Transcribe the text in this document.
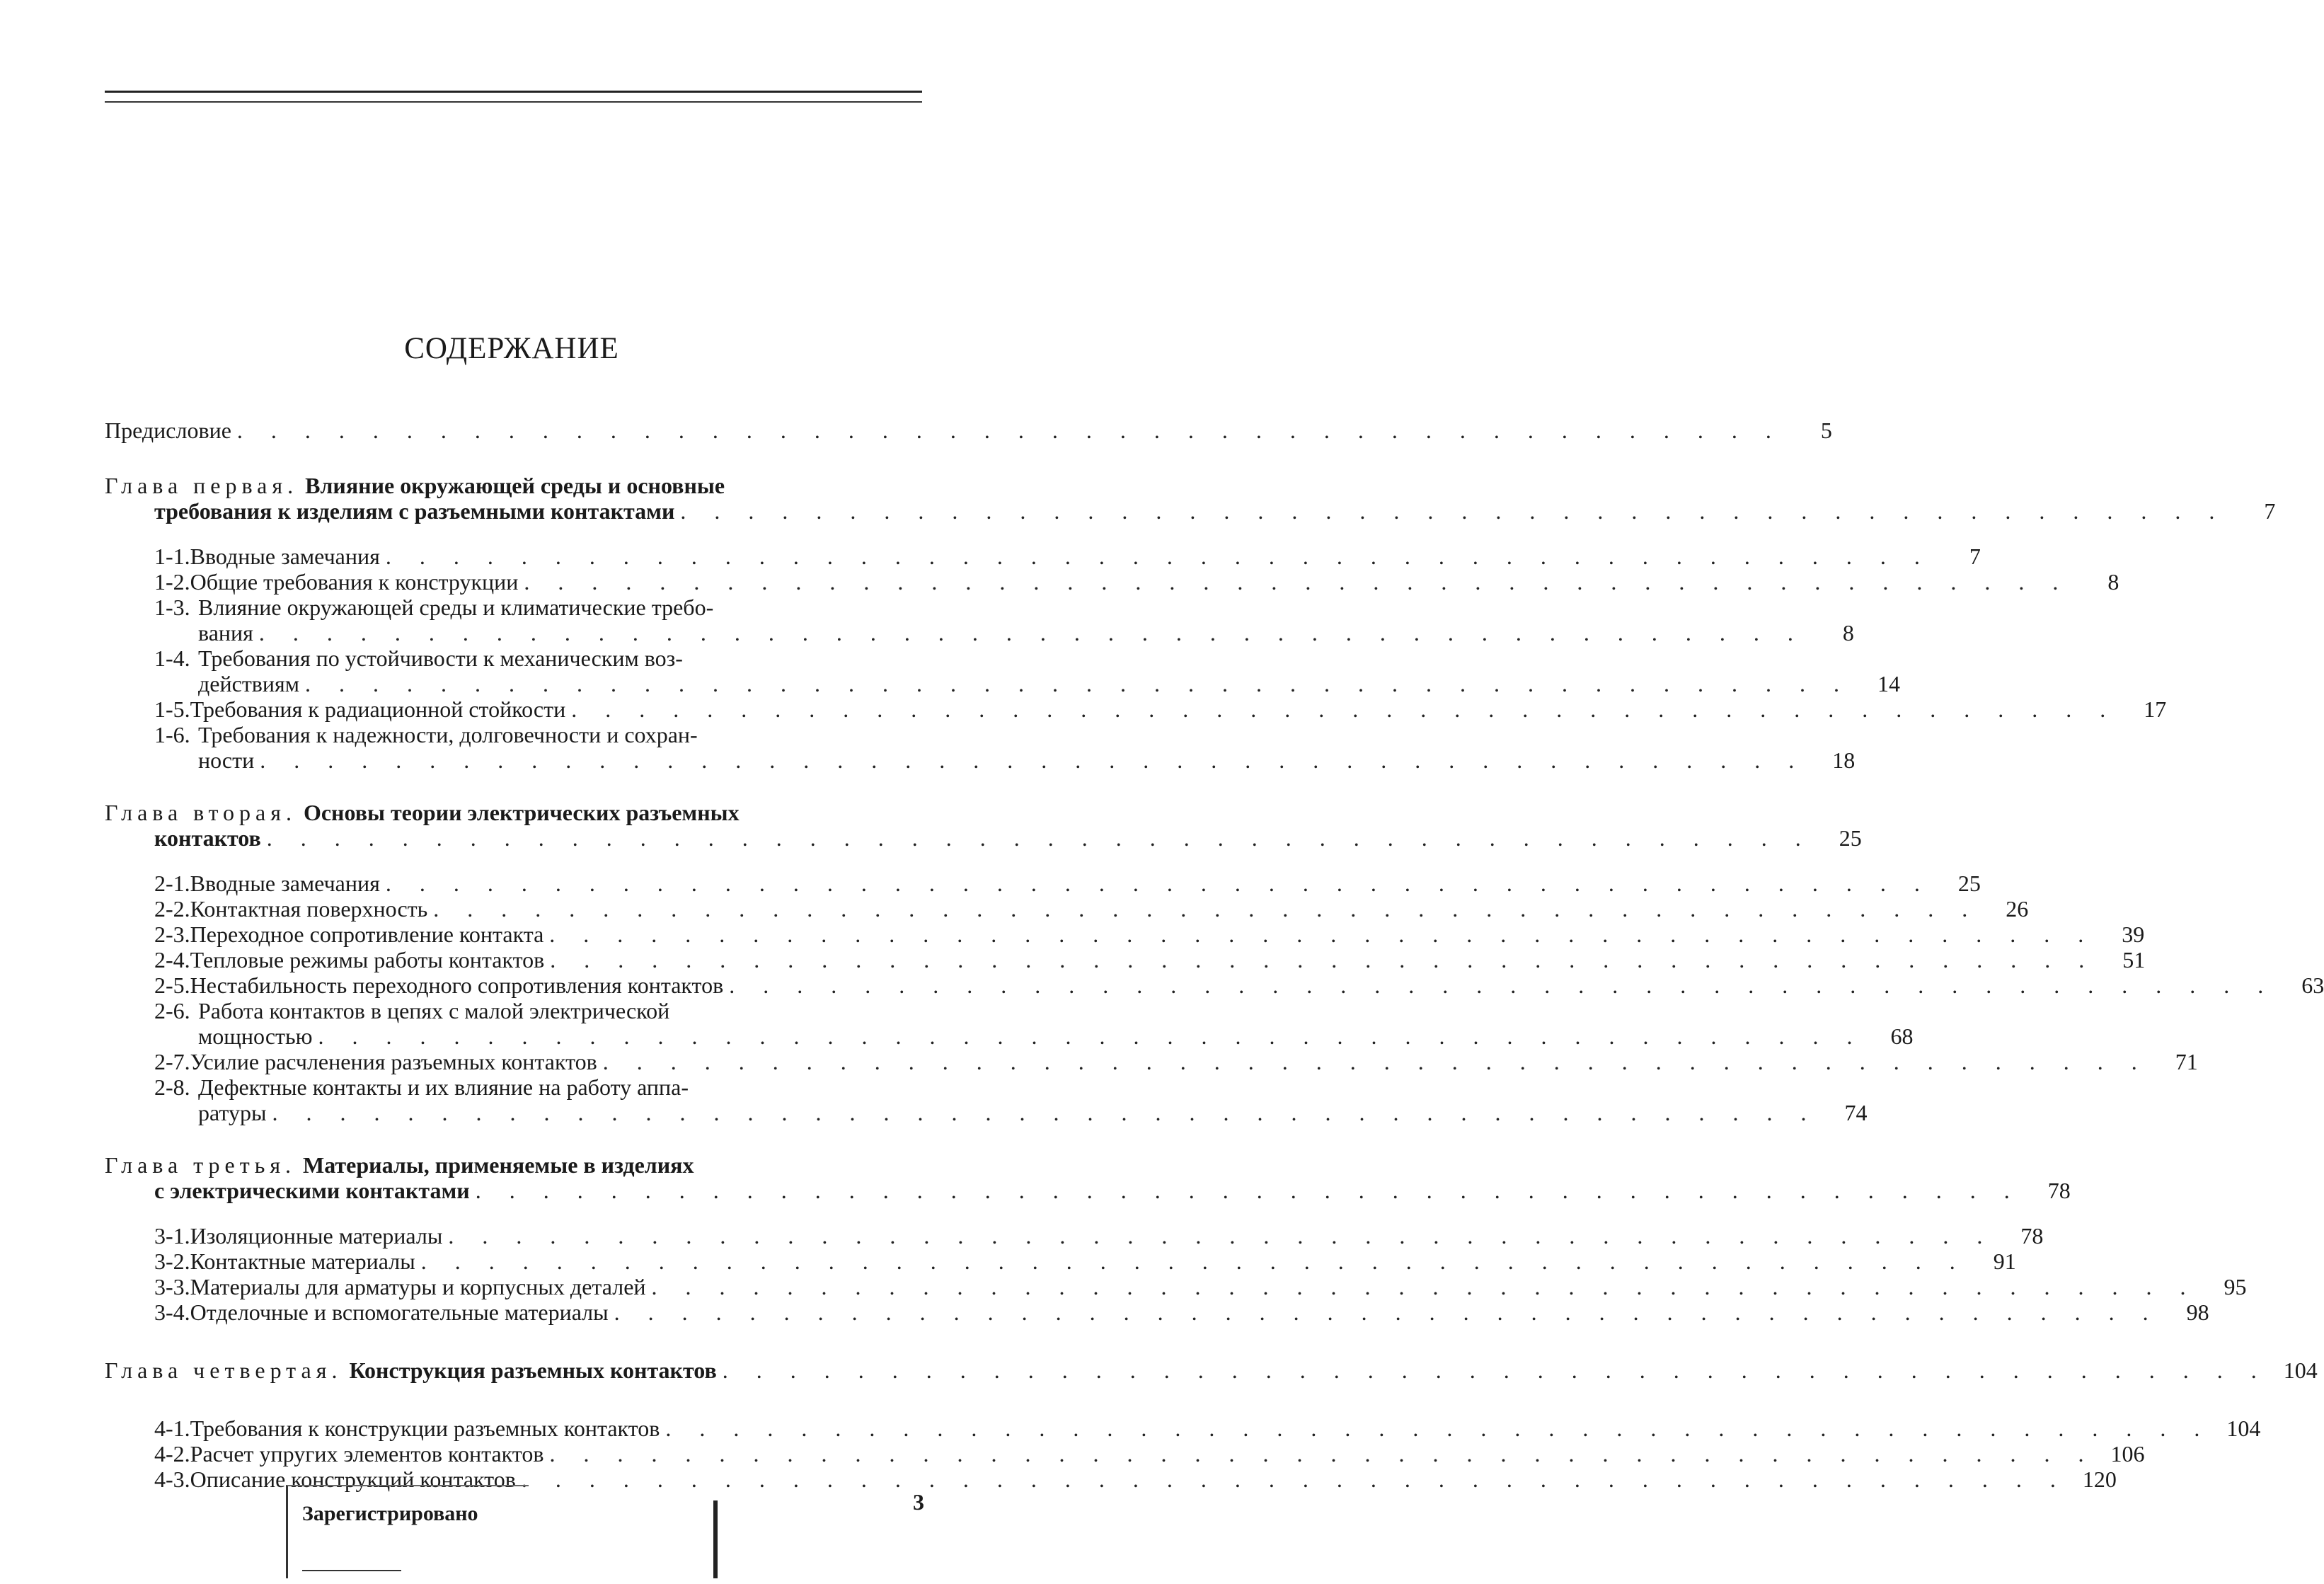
СОДЕРЖАНИЕ
Предисловие . . . . . . . . . . . . . . . . . . . . . . . . . . . . . . . . . . . . . . . . . . . . . .	5
Глава первая. Влияние окружающей среды и основные
требования к изделиям с разъемными контактами . . . . . . . . . . . . . . . . . . . . . . . . . . . . . . . . . . . . . . . . . . . . . .	7
1-1. Вводные замечания . . . . . . . . . . . . . . . . . . . . . . . . . . . . . . . . . . . . . . . . . . . . . .	7
1-2. Общие требования к конструкции . . . . . . . . . . . . . . . . . . . . . . . . . . . . . . . . . . . . . . . . . . . . . .	8
1-3. Влияние окружающей среды и климатические требо-
вания . . . . . . . . . . . . . . . . . . . . . . . . . . . . . . . . . . . . . . . . . . . . . .	8
1-4. Требования по устойчивости к механическим воз-
действиям . . . . . . . . . . . . . . . . . . . . . . . . . . . . . . . . . . . . . . . . . . . . . .	14
1-5. Требования к радиационной стойкости . . . . . . . . . . . . . . . . . . . . . . . . . . . . . . . . . . . . . . . . . . . . . .	17
1-6. Требования к надежности, долговечности и сохран-
ности . . . . . . . . . . . . . . . . . . . . . . . . . . . . . . . . . . . . . . . . . . . . . .	18
Глава вторая. Основы теории электрических разъемных
контактов . . . . . . . . . . . . . . . . . . . . . . . . . . . . . . . . . . . . . . . . . . . . . .	25
2-1. Вводные замечания . . . . . . . . . . . . . . . . . . . . . . . . . . . . . . . . . . . . . . . . . . . . . .	25
2-2. Контактная поверхность . . . . . . . . . . . . . . . . . . . . . . . . . . . . . . . . . . . . . . . . . . . . . .	26
2-3. Переходное сопротивление контакта . . . . . . . . . . . . . . . . . . . . . . . . . . . . . . . . . . . . . . . . . . . . . .	39
2-4. Тепловые режимы работы контактов . . . . . . . . . . . . . . . . . . . . . . . . . . . . . . . . . . . . . . . . . . . . . .	51
2-5. Нестабильность переходного сопротивления контактов . . . . . . . . . . . . . . . . . . . . . . . . . . . . . . . . . . . . . . . . . . . . . .	63
2-6. Работа контактов в цепях с малой электрической
мощностью . . . . . . . . . . . . . . . . . . . . . . . . . . . . . . . . . . . . . . . . . . . . . .	68
2-7. Усилие расчленения разъемных контактов . . . . . . . . . . . . . . . . . . . . . . . . . . . . . . . . . . . . . . . . . . . . . .	71
2-8. Дефектные контакты и их влияние на работу аппа-
ратуры . . . . . . . . . . . . . . . . . . . . . . . . . . . . . . . . . . . . . . . . . . . . . .	74
Глава третья. Материалы, применяемые в изделиях
с электрическими контактами . . . . . . . . . . . . . . . . . . . . . . . . . . . . . . . . . . . . . . . . . . . . . .	78
3-1. Изоляционные материалы . . . . . . . . . . . . . . . . . . . . . . . . . . . . . . . . . . . . . . . . . . . . . .	78
3-2. Контактные материалы . . . . . . . . . . . . . . . . . . . . . . . . . . . . . . . . . . . . . . . . . . . . . .	91
3-3. Материалы для арматуры и корпусных деталей . . . . . . . . . . . . . . . . . . . . . . . . . . . . . . . . . . . . . . . . . . . . . .	95
3-4. Отделочные и вспомогательные материалы . . . . . . . . . . . . . . . . . . . . . . . . . . . . . . . . . . . . . . . . . . . . . .	98
Глава четвертая. Конструкция разъемных контактов . . . . . . . . . . . . . . . . . . . . . . . . . . . . . . . . . . . . . . . . . . . . . . 104
4-1. Требования к конструкции разъемных контактов . . . . . . . . . . . . . . . . . . . . . . . . . . . . . . . . . . . . . . . . . . . . . . 104
4-2. Расчет упругих элементов контактов . . . . . . . . . . . . . . . . . . . . . . . . . . . . . . . . . . . . . . . . . . . . . . 106
4-3. Описание конструкций контактов . . . . . . . . . . . . . . . . . . . . . . . . . . . . . . . . . . . . . . . . . . . . . . 120
Зарегистрировано	3
